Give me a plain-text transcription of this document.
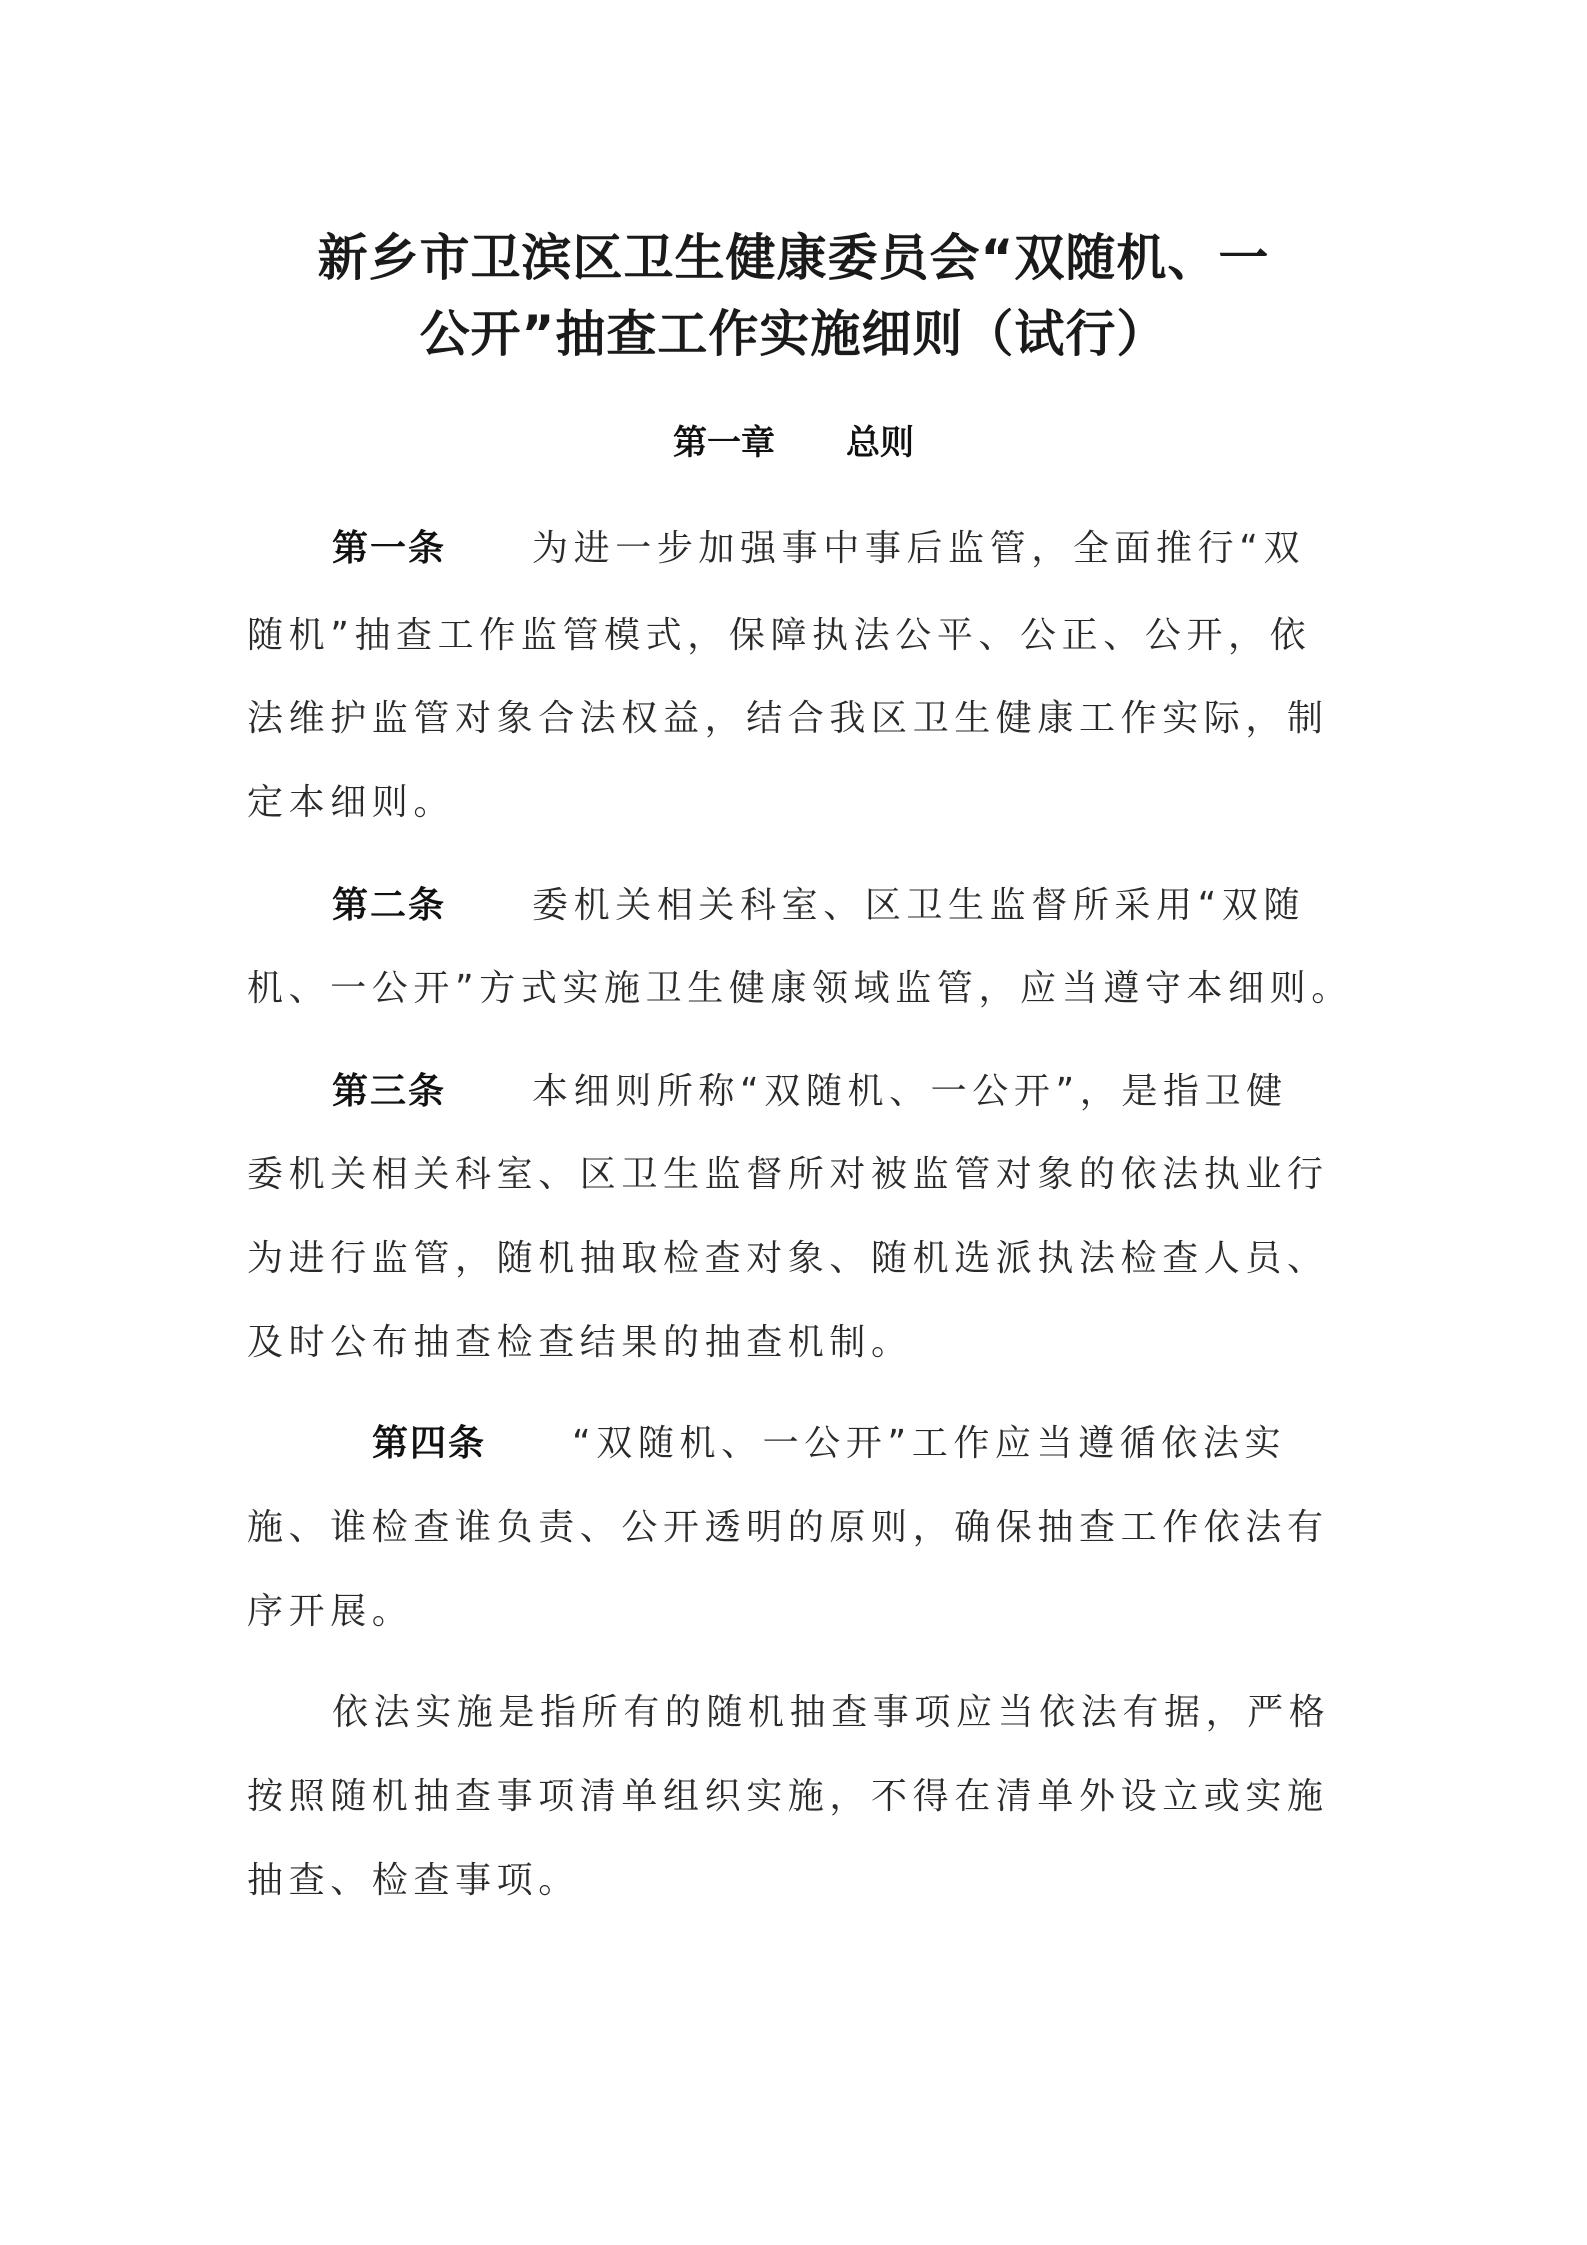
新乡市卫滨区卫生健康委员会“双随机、一
公开”抽查工作实施细则（试行）
第一章 总则
第一条 为进一步加强事中事后监管，全面推行“双
随机”抽查工作监管模式，保障执法公平、公正、公开，依
法维护监管对象合法权益，结合我区卫生健康工作实际，制
定本细则。
第二条 委机关相关科室、区卫生监督所采用“双随
机、一公开”方式实施卫生健康领域监管，应当遵守本细则。
第三条 本细则所称“双随机、一公开”，是指卫健
委机关相关科室、区卫生监督所对被监管对象的依法执业行
为进行监管，随机抽取检查对象、随机选派执法检查人员、
及时公布抽查检查结果的抽查机制。
第四条 “双随机、一公开”工作应当遵循依法实
施、谁检查谁负责、公开透明的原则，确保抽查工作依法有
序开展。
依法实施是指所有的随机抽查事项应当依法有据，严格
按照随机抽查事项清单组织实施，不得在清单外设立或实施
抽查、检查事项。
